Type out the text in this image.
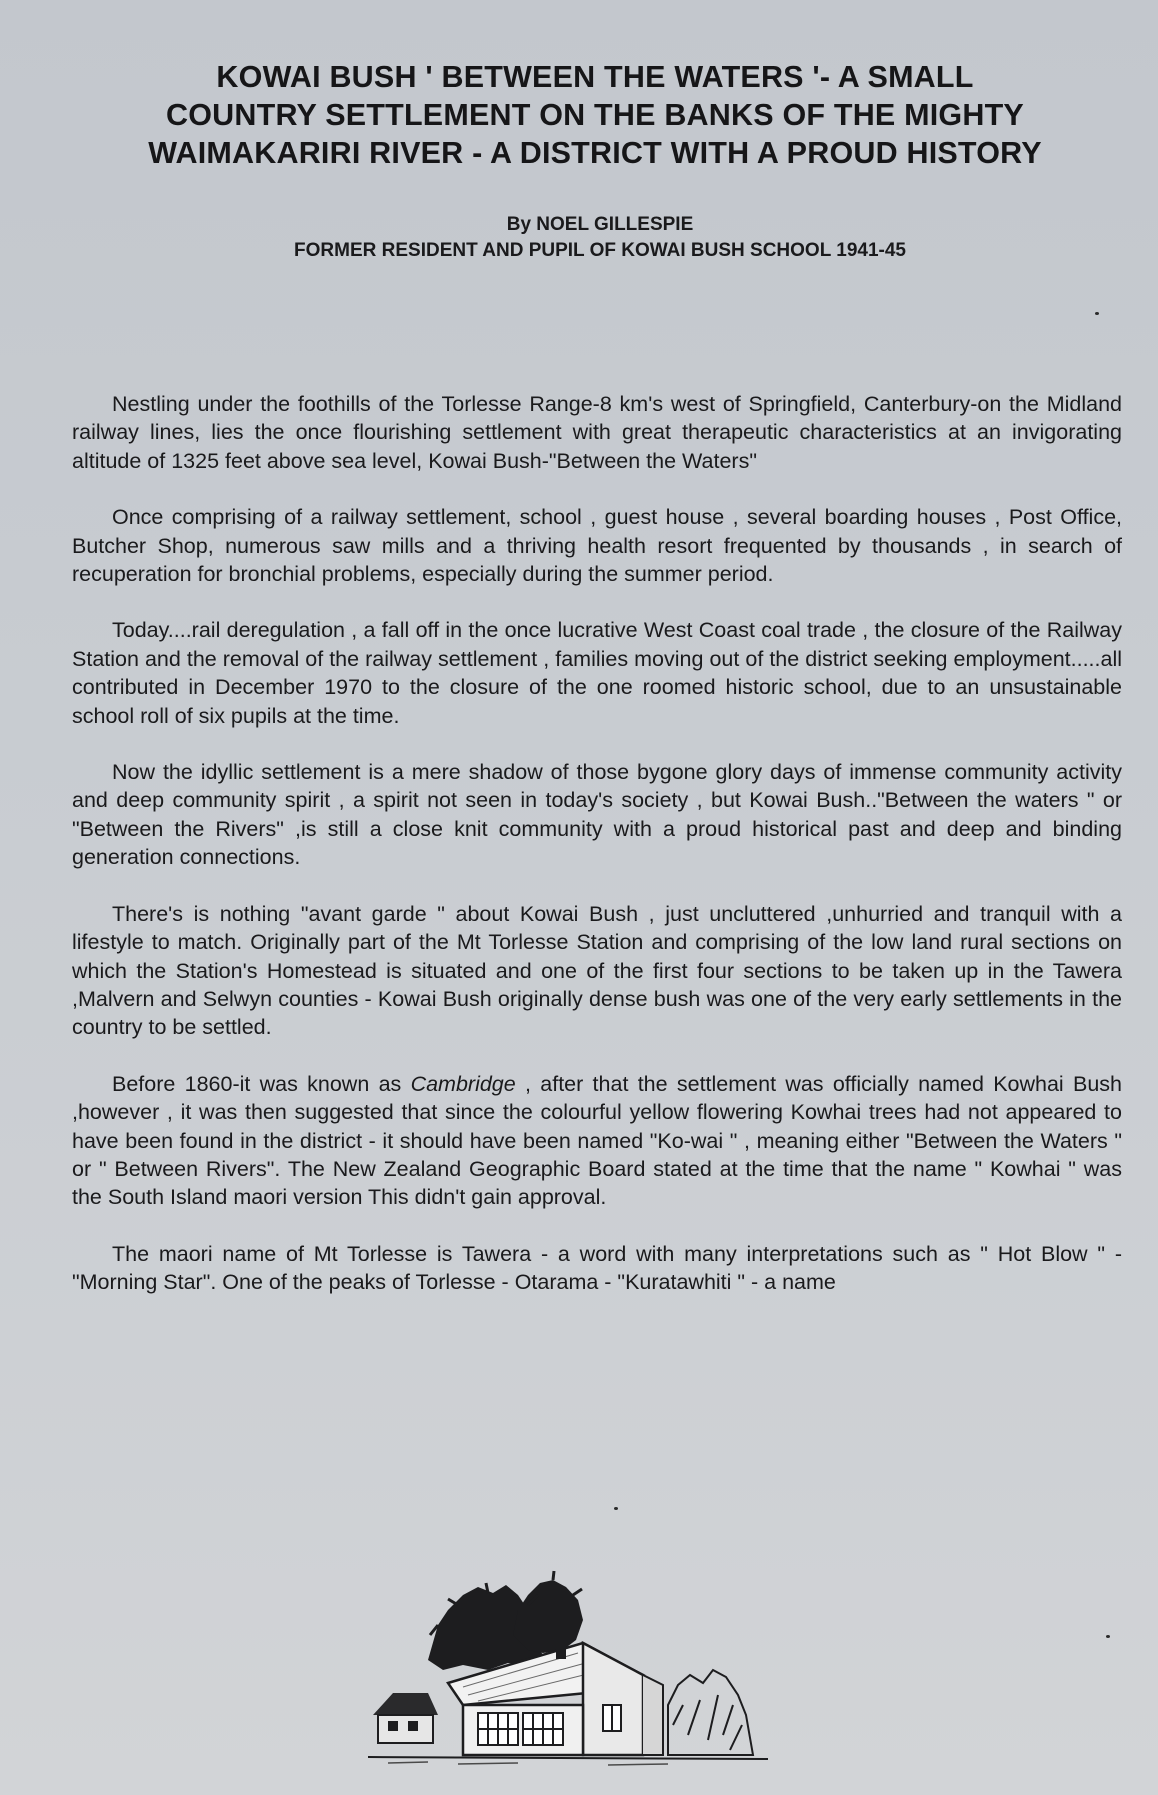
KOWAI BUSH ' BETWEEN THE WATERS '- A SMALL
COUNTRY SETTLEMENT ON THE BANKS OF THE MIGHTY
WAIMAKARIRI RIVER - A DISTRICT WITH A PROUD HISTORY
By NOEL GILLESPIE
FORMER RESIDENT AND PUPIL OF KOWAI BUSH SCHOOL 1941-45

Nestling under the foothills of the Torlesse Range-8 km's west of Springfield, Canterbury-on the Midland railway lines, lies the once flourishing settlement with great therapeutic characteristics at an invigorating altitude of 1325 feet above sea level, Kowai Bush-"Between the Waters"

Once comprising of a railway settlement, school , guest house , several boarding houses , Post Office, Butcher Shop, numerous saw mills and a thriving health resort frequented by thousands , in search of recuperation for bronchial problems, especially during the summer period.

Today....rail deregulation , a fall off in the once lucrative West Coast coal trade , the closure of the Railway Station and the removal of the railway settlement , families moving out of the district seeking employment.....all contributed in December 1970 to the closure of the one roomed historic school, due to an unsustainable school roll of six pupils at the time.

Now the idyllic settlement is a mere shadow of those bygone glory days of immense community activity and deep community spirit , a spirit not seen in today's society , but Kowai Bush.."Between the waters " or "Between the Rivers" ,is still a close knit community with a proud historical past and deep and binding generation connections.

There's is nothing "avant garde " about Kowai Bush , just uncluttered ,unhurried and tranquil with a lifestyle to match. Originally part of the Mt Torlesse Station and comprising of the low land rural sections on which the Station's Homestead is situated and one of the first four sections to be taken up in the Tawera ,Malvern and Selwyn counties - Kowai Bush originally dense bush was one of the very early settlements in the country to be settled.

Before 1860-it was known as Cambridge , after that the settlement was officially named Kowhai Bush ,however , it was then suggested that since the colourful yellow flowering Kowhai trees had not appeared to have been found in the district - it should have been named "Ko-wai " , meaning either "Between the Waters " or " Between Rivers". The New Zealand Geographic Board stated at the time that the name " Kowhai " was the South Island maori version This didn't gain approval.

The maori name of Mt Torlesse is Tawera - a word with many interpretations such as " Hot Blow " -"Morning Star". One of the peaks of Torlesse - Otarama - "Kuratawhiti " - a name
